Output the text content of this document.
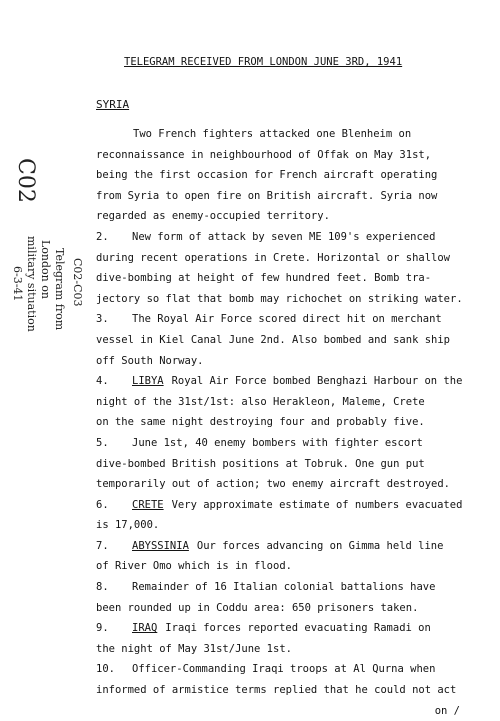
TELEGRAM RECEIVED FROM LONDON JUNE 3RD, 1941
SYRIA
Two French fighters attacked one Blenheim on
reconnaissance in neighbourhood of Offak on May 31st,
being the first occasion for French aircraft operating
from Syria to open fire on British aircraft. Syria now
regarded as enemy-occupied territory.
2. New form of attack by seven ME 109's experienced
during recent operations in Crete. Horizontal or shallow
dive-bombing at height of few hundred feet. Bomb tra-
jectory so flat that bomb may richochet on striking water.
3. The Royal Air Force scored direct hit on merchant
vessel in Kiel Canal June 2nd. Also bombed and sank ship
off South Norway.
4. LIBYA Royal Air Force bombed Benghazi Harbour on the
night of the 31st/1st: also Herakleon, Maleme, Crete
on the same night destroying four and probably five.
5. June 1st, 40 enemy bombers with fighter escort
dive-bombed British positions at Tobruk. One gun put
temporarily out of action; two enemy aircraft destroyed.
6. CRETE Very approximate estimate of numbers evacuated
is 17,000.
7. ABYSSINIA Our forces advancing on Gimma held line
of River Omo which is in flood.
8. Remainder of 16 Italian colonial battalions have
been rounded up in Coddu area: 650 prisoners taken.
9. IRAQ Iraqi forces reported evacuating Ramadi on
the night of May 31st/June 1st.
10. Officer-Commanding Iraqi troops at Al Qurna when
informed of armistice terms replied that he could not act
on /
C02
C02-C03
Telegram from
London on
military situation
6-3-41
